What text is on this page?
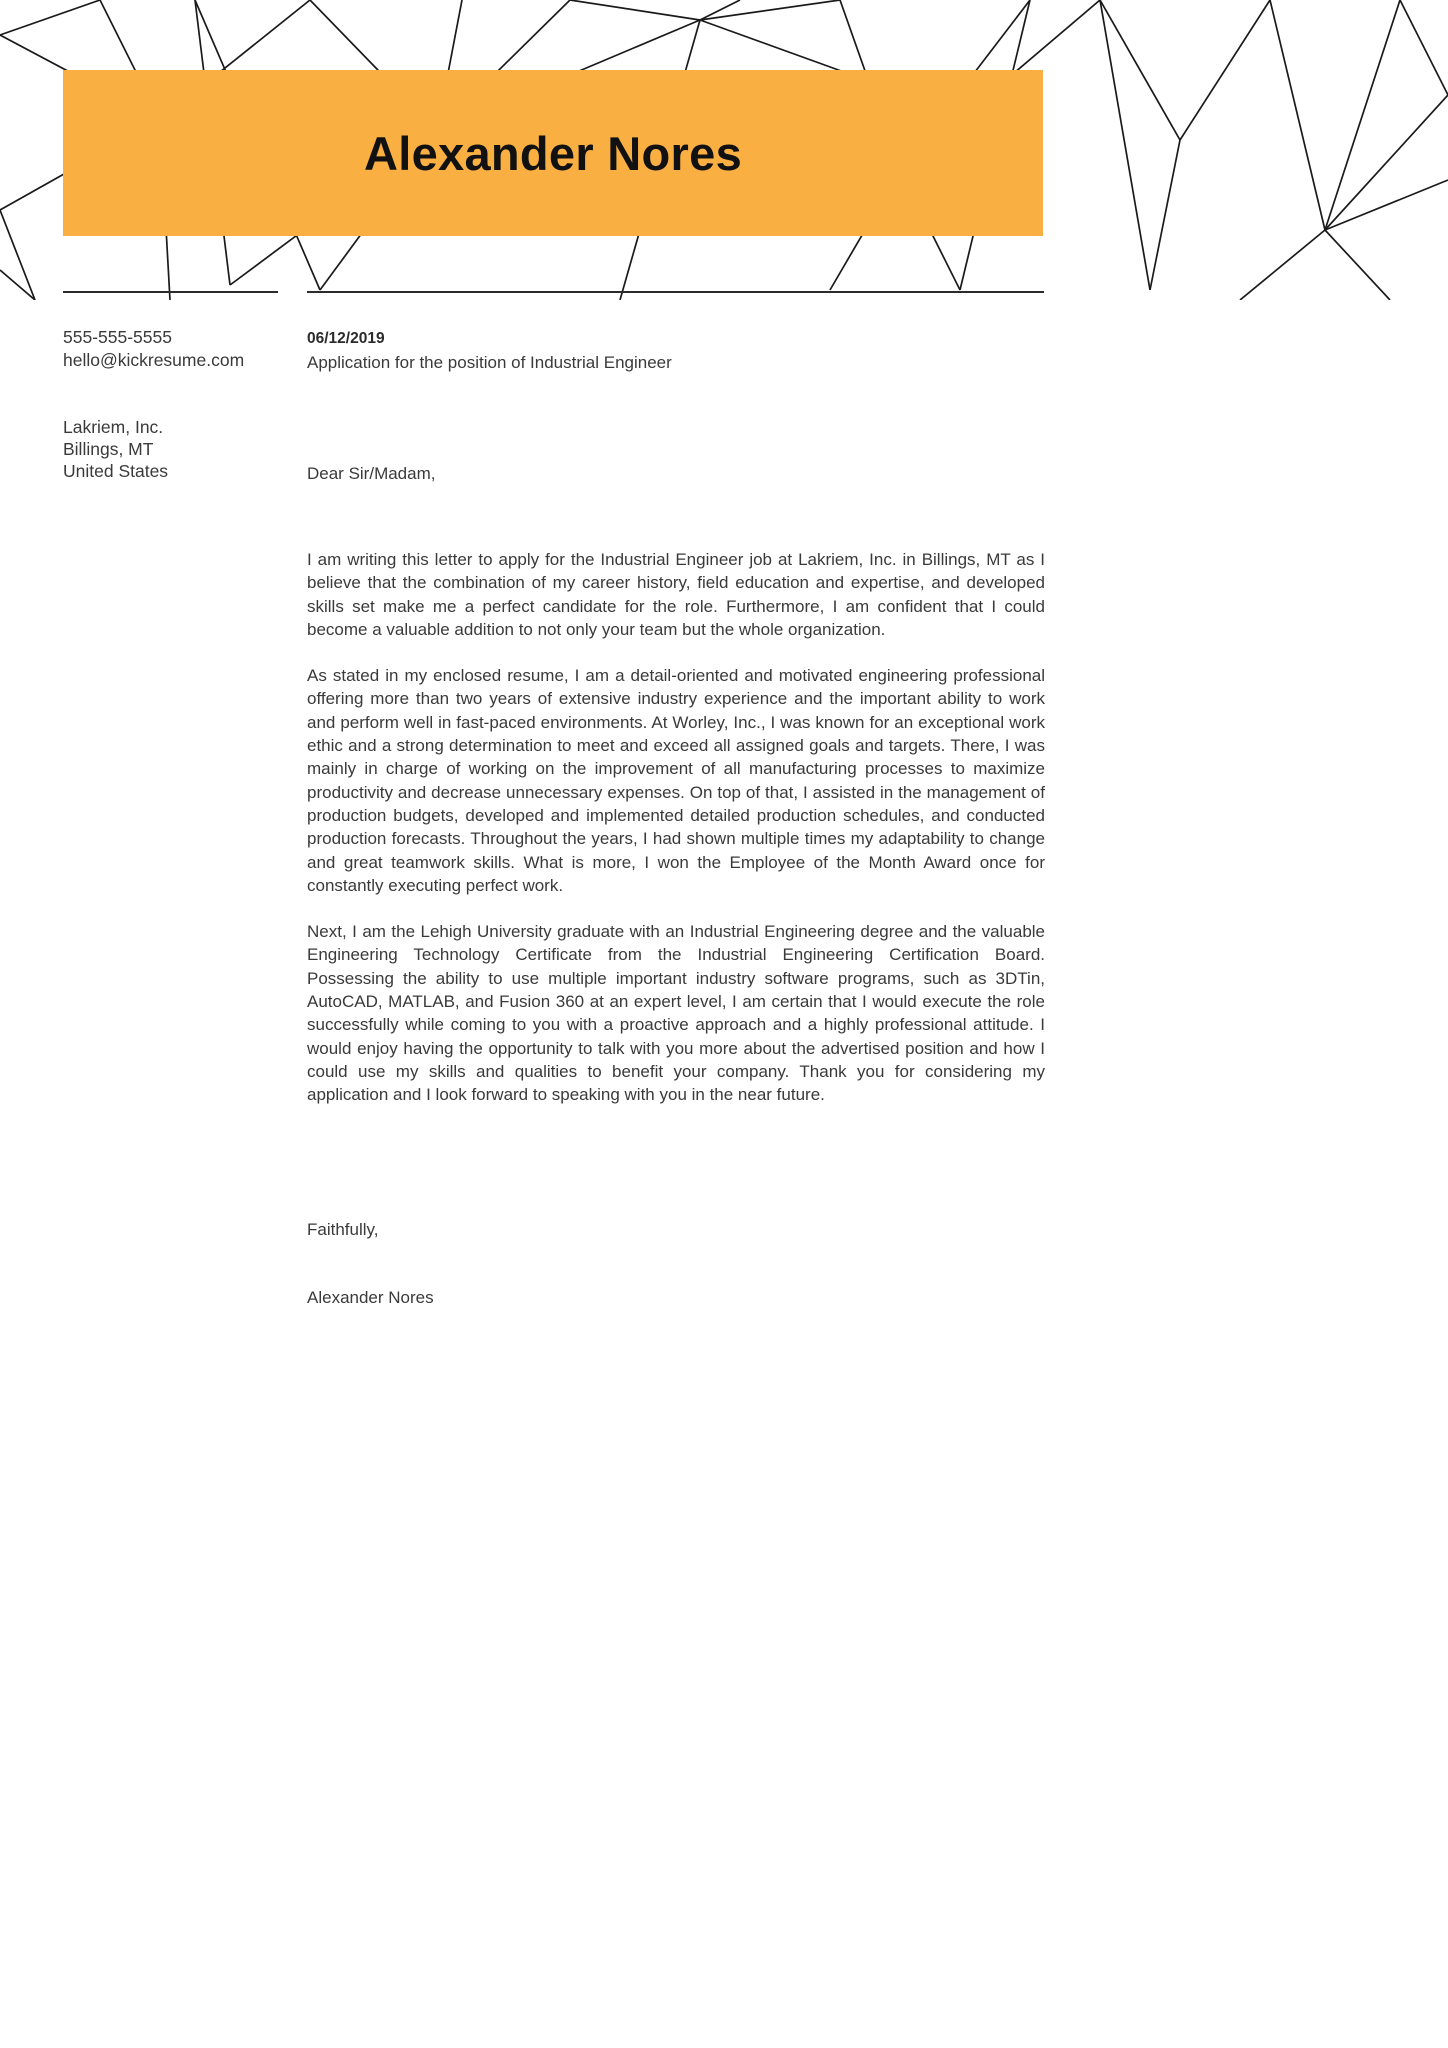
Alexander Nores
555-555-5555
hello@kickresume.com
Lakriem, Inc.
Billings, MT
United States
06/12/2019
Application for the position of Industrial Engineer
Dear Sir/Madam,

I am writing this letter to apply for the Industrial Engineer job at Lakriem, Inc. in Billings, MT as I believe that the combination of my career history, field education and expertise, and developed skills set make me a perfect candidate for the role. Furthermore, I am confident that I could become a valuable addition to not only your team but the whole organization.

As stated in my enclosed resume, I am a detail-oriented and motivated engineering professional offering more than two years of extensive industry experience and the important ability to work and perform well in fast-paced environments. At Worley, Inc., I was known for an exceptional work ethic and a strong determination to meet and exceed all assigned goals and targets. There, I was mainly in charge of working on the improvement of all manufacturing processes to maximize productivity and decrease unnecessary expenses. On top of that, I assisted in the management of production budgets, developed and implemented detailed production schedules, and conducted production forecasts. Throughout the years, I had shown multiple times my adaptability to change and great teamwork skills. What is more, I won the Employee of the Month Award once for constantly executing perfect work.

Next, I am the Lehigh University graduate with an Industrial Engineering degree and the valuable Engineering Technology Certificate from the Industrial Engineering Certification Board. Possessing the ability to use multiple important industry software programs, such as 3DTin, AutoCAD, MATLAB, and Fusion 360 at an expert level, I am certain that I would execute the role successfully while coming to you with a proactive approach and a highly professional attitude. I would enjoy having the opportunity to talk with you more about the advertised position and how I could use my skills and qualities to benefit your company. Thank you for considering my application and I look forward to speaking with you in the near future.

Faithfully,
Alexander Nores
